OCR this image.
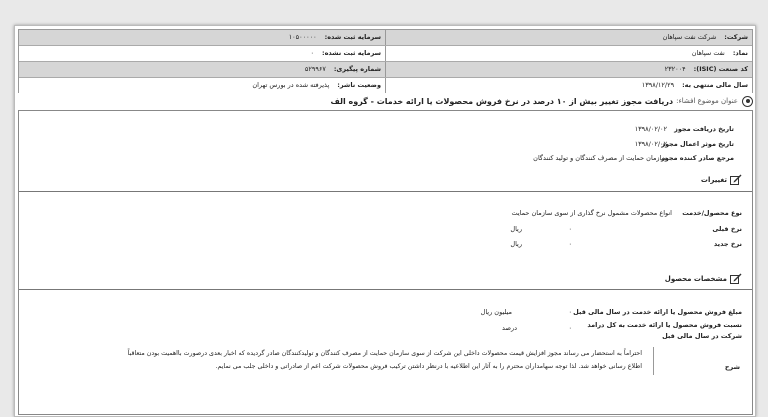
شرکت:
شرکت نفت سپاهان
سرمایه ثبت شده:
۱۰۵۰۰۰۰۰
نماد:
نفت سپاهان
سرمایه ثبت نشده:
۰
کد صنعت (ISIC):
۲۳۲۰۰۴
شماره پیگیری:
۵۲۹۹۶۷
سال مالی منتهی به:
۱۳۹۸/۱۲/۲۹
وضعیت ناشر:
پذیرفته شده در بورس تهران
عنوان موضوع افشاء:
دریافت مجوز تغییر بیش از ۱۰ درصد در نرخ فروش محصولات یا ارائه خدمات - گروه الف
تاریخ دریافت مجوز
۱۳۹۸/۰۲/۰۲
تاریخ موثر اعمال مجوز
۱۳۹۸/۰۲/۰۲
مرجع صادر کننده مجوز
سازمان حمایت از مصرف کنندگان و تولید کنندگان
تغییرات
نوع محصول/خدمت
انواع محصولات مشمول نرخ گذاری از سوی سازمان حمایت
نرخ قبلی
۰
ریال
نرخ جدید
۰
ریال
مشخصات محصول
مبلغ فروش محصول یا ارائه خدمت در سال مالی قبل
۰
میلیون ریال
نسبت فروش محصول یا ارائه خدمت به کل درامد
شرکت در سال مالی قبل
۰
درصد
شرح
احتراماً به استحضار می رساند مجوز افزایش قیمت محصولات داخلی این شرکت از سوی سازمان حمایت از مصرف کنندگان و تولیدکنندگان صادر گردیده که اخبار بعدی درصورت بااهمیت بودن متعاقباً
اطلاع رسانی خواهد شد. لذا توجه سهامداران محترم را به آثار این اطلاعیه با درنظر داشتن ترکیب فروش محصولات شرکت اعم از صادراتی و داخلی جلب می نمایم.
